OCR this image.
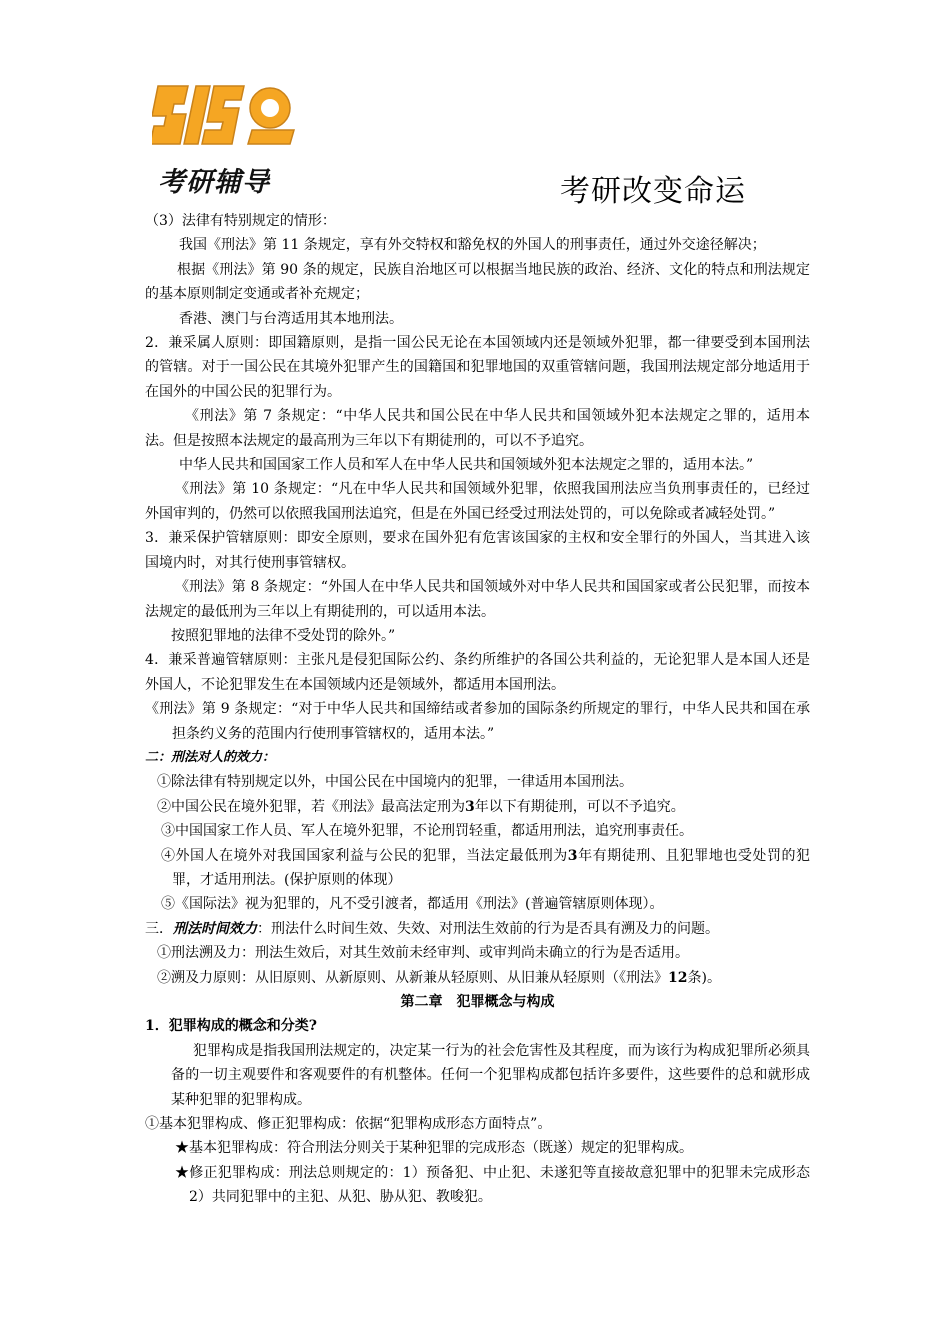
考研辅导	考研改变命运

（3）法律有特别规定的情形：

我国《刑法》第 11 条规定，享有外交特权和豁免权的外国人的刑事责任，通过外交途径解决；

根据《刑法》第 90 条的规定，民族自治地区可以根据当地民族的政治、经济、文化的特点和刑法规定的基本原则制定变通或者补充规定；

香港、澳门与台湾适用其本地刑法。

2．兼采属人原则：即国籍原则，是指一国公民无论在本国领域内还是领域外犯罪，都一律要受到本国刑法的管辖。对于一国公民在其境外犯罪产生的国籍国和犯罪地国的双重管辖问题，我国刑法规定部分地适用于在国外的中国公民的犯罪行为。

《刑法》第 7 条规定：“中华人民共和国公民在中华人民共和国领域外犯本法规定之罪的，适用本法。但是按照本法规定的最高刑为三年以下有期徒刑的，可以不予追究。

中华人民共和国国家工作人员和军人在中华人民共和国领域外犯本法规定之罪的，适用本法。”

《刑法》第 10 条规定：“凡在中华人民共和国领域外犯罪，依照我国刑法应当负刑事责任的，已经过外国审判的，仍然可以依照我国刑法追究，但是在外国已经受过刑法处罚的，可以免除或者减轻处罚。”

3．兼采保护管辖原则：即安全原则，要求在国外犯有危害该国家的主权和安全罪行的外国人，当其进入该国境内时，对其行使刑事管辖权。

《刑法》第 8 条规定：“外国人在中华人民共和国领域外对中华人民共和国国家或者公民犯罪，而按本法规定的最低刑为三年以上有期徒刑的，可以适用本法。

按照犯罪地的法律不受处罚的除外。”

4．兼采普遍管辖原则：主张凡是侵犯国际公约、条约所维护的各国公共利益的，无论犯罪人是本国人还是外国人，不论犯罪发生在本国领域内还是领域外，都适用本国刑法。

《刑法》第 9 条规定：“对于中华人民共和国缔结或者参加的国际条约所规定的罪行，中华人民共和国在承担条约义务的范围内行使刑事管辖权的，适用本法。”

二：刑法对人的效力：

①除法律有特别规定以外，中国公民在中国境内的犯罪，一律适用本国刑法。

②中国公民在境外犯罪，若《刑法》最高法定刑为3年以下有期徒刑，可以不予追究。

③中国国家工作人员、军人在境外犯罪，不论刑罚轻重，都适用刑法，追究刑事责任。

④外国人在境外对我国国家利益与公民的犯罪，当法定最低刑为3年有期徒刑、且犯罪地也受处罚的犯罪，才适用刑法。(保护原则的体现）

⑤《国际法》视为犯罪的，凡不受引渡者，都适用《刑法》(普遍管辖原则体现）。

三．刑法时间效力：刑法什么时间生效、失效、对刑法生效前的行为是否具有溯及力的问题。

①刑法溯及力：刑法生效后，对其生效前未经审判、或审判尚未确立的行为是否适用。

②溯及力原则：从旧原则、从新原则、从新兼从轻原则、从旧兼从轻原则（《刑法》12条)。

第二章　犯罪概念与构成

1．犯罪构成的概念和分类?

犯罪构成是指我国刑法规定的，决定某一行为的社会危害性及其程度，而为该行为构成犯罪所必须具备的一切主观要件和客观要件的有机整体。任何一个犯罪构成都包括许多要件，这些要件的总和就形成某种犯罪的犯罪构成。

①基本犯罪构成、修正犯罪构成：依据“犯罪构成形态方面特点”。

★基本犯罪构成：符合刑法分则关于某种犯罪的完成形态（既遂）规定的犯罪构成。

★修正犯罪构成：刑法总则规定的：1）预备犯、中止犯、未遂犯等直接故意犯罪中的犯罪未完成形态 2）共同犯罪中的主犯、从犯、胁从犯、教唆犯。
